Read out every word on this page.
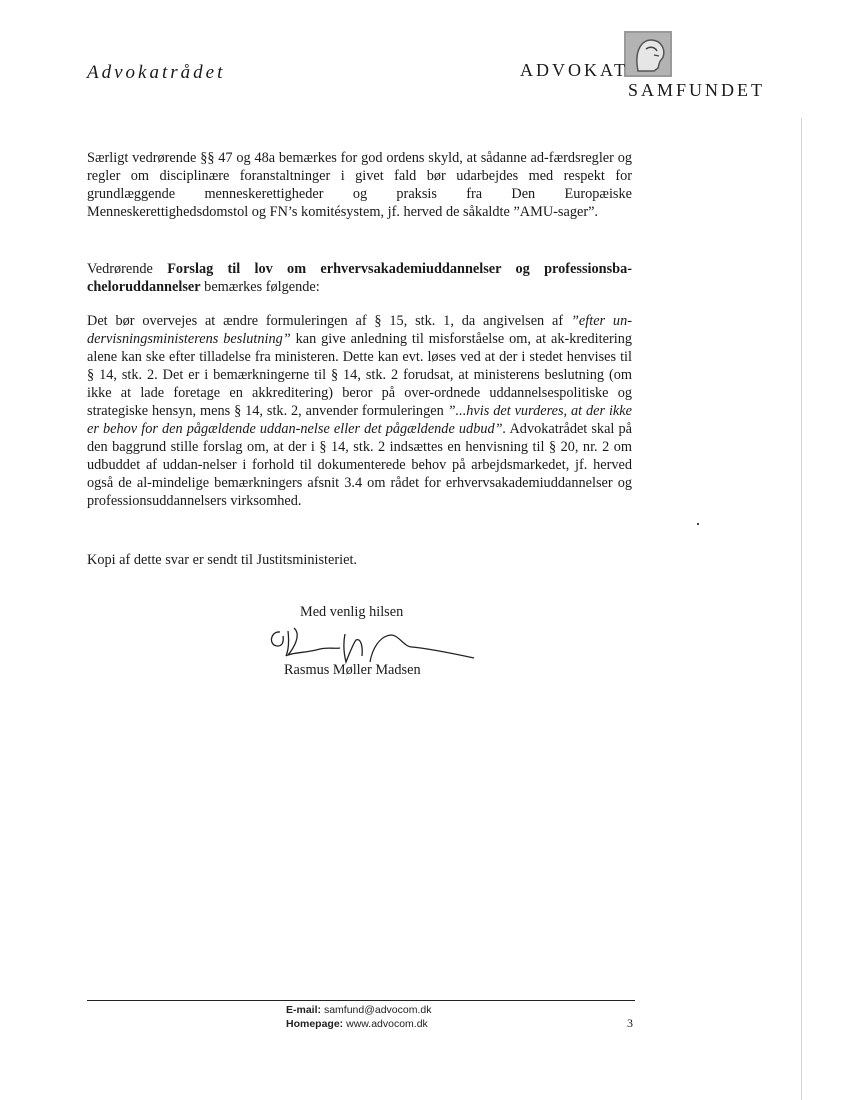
Advokatrådet	ADVOKAT
SAMFUNDET
Særligt vedrørende §§ 47 og 48a bemærkes for god ordens skyld, at sådanne ad-færdsregler og regler om disciplinære foranstaltninger i givet fald bør udarbejdes med respekt for grundlæggende menneskerettigheder og praksis fra Den Europæiske Menneskerettighedsdomstol og FN’s komitésystem, jf. herved de såkaldte ”AMU-sager”.
Vedrørende Forslag til lov om erhvervsakademiuddannelser og professionsba-cheloruddannelser bemærkes følgende:
Det bør overvejes at ændre formuleringen af § 15, stk. 1, da angivelsen af ”efter un-dervisningsministerens beslutning” kan give anledning til misforståelse om, at ak-kreditering alene kan ske efter tilladelse fra ministeren. Dette kan evt. løses ved at der i stedet henvises til § 14, stk. 2. Det er i bemærkningerne til § 14, stk. 2 forudsat, at ministerens beslutning (om ikke at lade foretage en akkreditering) beror på over-ordnede uddannelsespolitiske og strategiske hensyn, mens § 14, stk. 2, anvender formuleringen ”...hvis det vurderes, at der ikke er behov for den pågældende uddan-nelse eller det pågældende udbud”. Advokatrådet skal på den baggrund stille forslag om, at der i § 14, stk. 2 indsættes en henvisning til § 20, nr. 2 om udbuddet af uddan-nelser i forhold til dokumenterede behov på arbejdsmarkedet, jf. herved også de al-mindelige bemærkningers afsnit 3.4 om rådet for erhvervsakademiuddannelser og professionsuddannelsers virksomhed.
Kopi af dette svar er sendt til Justitsministeriet.
Med venlig hilsen
Rasmus Møller Madsen
E-mail: samfund@advocom.dk
Homepage: www.advocom.dk	3
